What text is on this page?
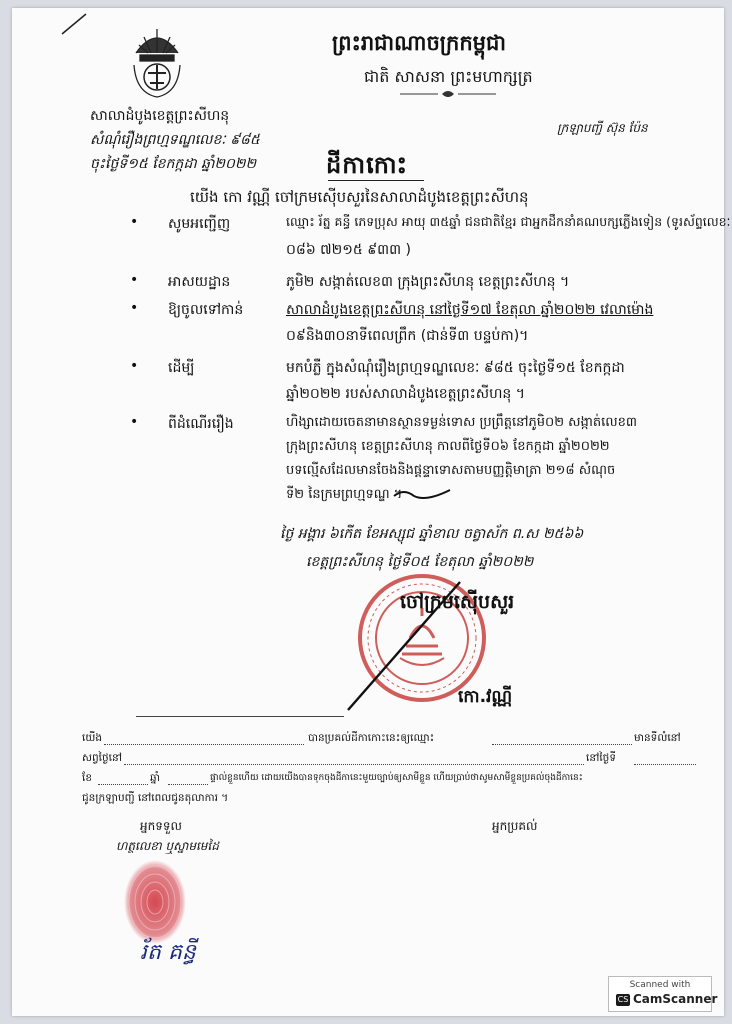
ព្រះរាជាណាចក្រកម្ពុជា
ជាតិ សាសនា ព្រះមហាក្សត្រ
សាលាដំបូងខេត្តព្រះសីហនុ
សំណុំរឿងព្រហ្មទណ្ឌលេខៈ ៩៨៥
ចុះថ្ងៃទី១៥ ខែកក្កដា ឆ្នាំ២០២២
ក្រឡាបញ្ជី ស៊ុន ប៉ែន
ដីកាកោះ
យើង កោ វណ្ណី ចៅក្រមស៊ើបសួរនៃសាលាដំបូងខេត្តព្រះសីហនុ
• សូមអញ្ជើញ	ឈ្មោះ រ័ត្ន គន្ធី ភេទប្រុស អាយុ ៣៥ឆ្នាំ ជនជាតិខ្មែរ ជាអ្នកដឹកនាំគណបក្សភ្លើងទៀន (ទូរស័ព្ទលេខៈ
០៨៦ ៧២១៥ ៩៣៣ )
• អាសយដ្ឋាន	ភូមិ២ សង្កាត់លេខ៣ ក្រុងព្រះសីហនុ ខេត្តព្រះសីហនុ ។
• ឱ្យចូលទៅកាន់	សាលាដំបូងខេត្តព្រះសីហនុ នៅថ្ងៃទី១៧ ខែតុលា ឆ្នាំ២០២២ វេលាម៉ោង
០៩និង៣០នាទីពេលព្រឹក (ជាន់ទី៣ បន្ទប់កា)។
• ដើម្បី	មកបំភ្លឺ ក្នុងសំណុំរឿងព្រហ្មទណ្ឌលេខៈ ៩៨៥ ចុះថ្ងៃទី១៥ ខែកក្កដា
ឆ្នាំ២០២២ របស់សាលាដំបូងខេត្តព្រះសីហនុ ។
• ពីដំណើររឿង	ហិង្សាដោយចេតនាមានស្ថានទម្ងន់ទោស ប្រព្រឹត្តនៅភូមិ០២ សង្កាត់លេខ៣
ក្រុងព្រះសីហនុ ខេត្តព្រះសីហនុ កាលពីថ្ងៃទី០៦ ខែកក្កដា ឆ្នាំ២០២២
បទល្មើសដែលមានចែងនិងផ្តន្ទាទោសតាមបញ្ញត្តិមាត្រា ២១៨ សំណុច
ទី២ នៃក្រមព្រហ្មទណ្ឌ ។
ថ្ងៃ អង្គារ ៦កើត ខែអស្សុជ ឆ្នាំខាល ចត្វាស័ក ព.ស ២៥៦៦
ខេត្តព្រះសីហនុ ថ្ងៃទី០៥ ខែតុលា ឆ្នាំ២០២២
ចៅក្រមស៊ើបសួរ
កោ.វណ្ណី
យើង	បានប្រគល់ដីកាកោះនេះឲ្យឈ្មោះ	មានទីលំនៅ
សព្វថ្ងៃនៅ	នៅថ្ងៃទី
ខែ	ឆ្នាំ	ផ្ទាល់ខ្លួនហើយ ដោយយើងបានទុកចុងដីកានេះមួយច្បាប់ឲ្យសាមីខ្លួន ហើយប្រាប់ថាសូមសាមីខ្លួនប្រគល់ចុងដីកានេះ
ជូនក្រឡាបញ្ជី នៅពេលជូនតុលាការ ។
អ្នកទទួល
ហត្ថលេខា ឬស្នាមមេដៃ
អ្នកប្រគល់
រ័ត គន្ធី
Scanned with
CS CamScanner
